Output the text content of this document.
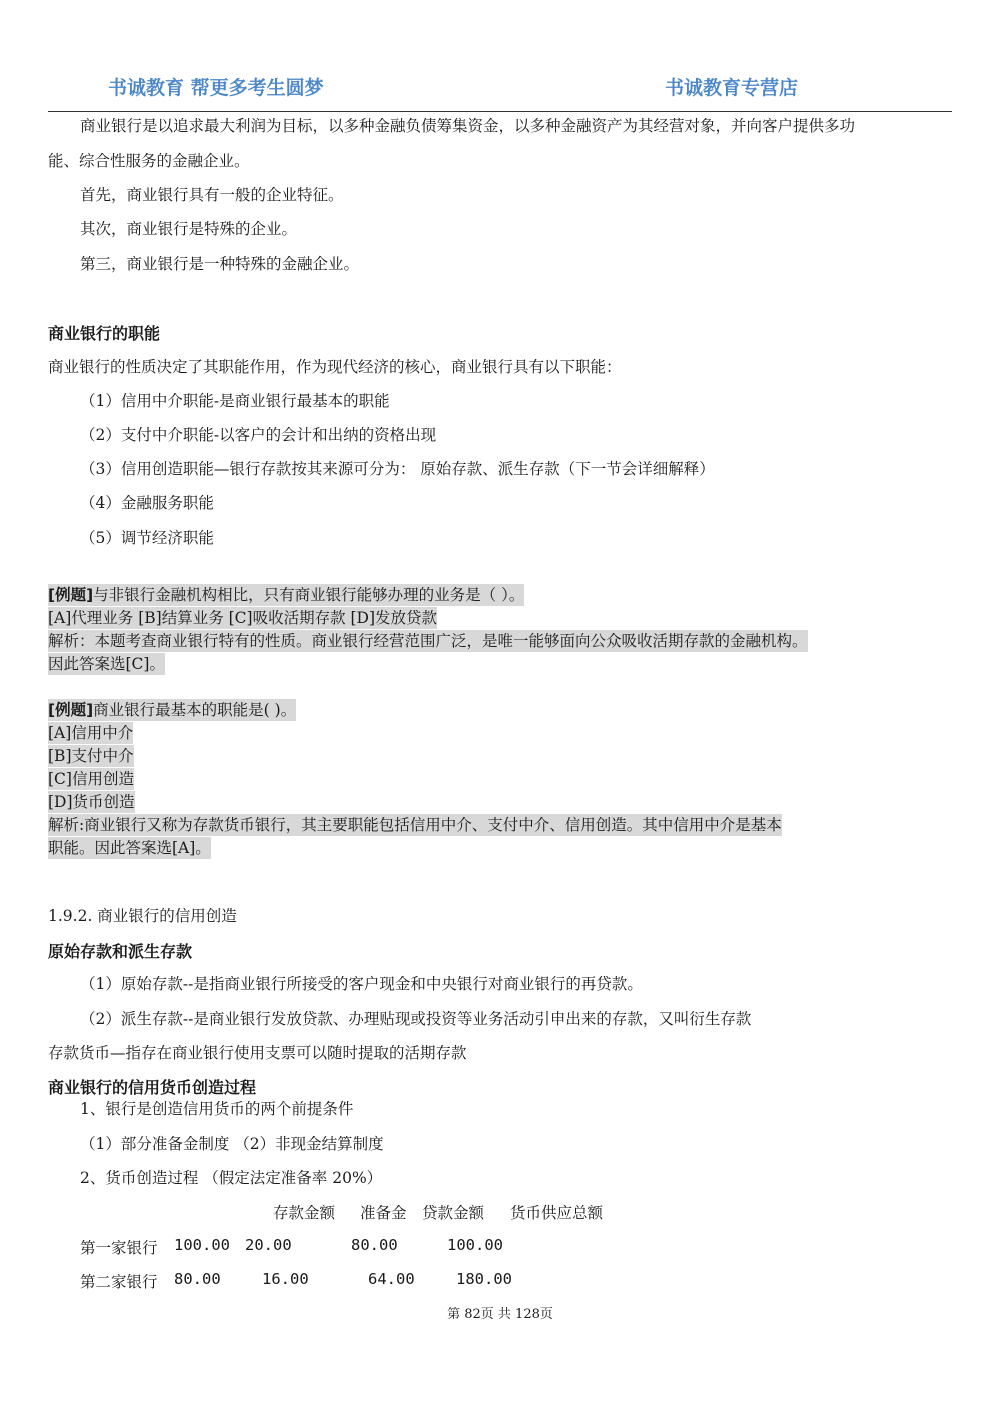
书诚教育 帮更多考生圆梦	书诚教育专营店
商业银行是以追求最大利润为目标，以多种金融负债筹集资金，以多种金融资产为其经营对象，并向客户提供多功
能、综合性服务的金融企业。
首先，商业银行具有一般的企业特征。
其次，商业银行是特殊的企业。
第三，商业银行是一种特殊的金融企业。
商业银行的职能
商业银行的性质决定了其职能作用，作为现代经济的核心，商业银行具有以下职能：
（1）信用中介职能-是商业银行最基本的职能
（2）支付中介职能-以客户的会计和出纳的资格出现
（3）信用创造职能—银行存款按其来源可分为： 原始存款、派生存款（下一节会详细解释）
（4）金融服务职能
（5）调节经济职能
[例题]与非银行金融机构相比，只有商业银行能够办理的业务是（ ）。
[A]代理业务 [B]结算业务 [C]吸收活期存款 [D]发放贷款
解析：本题考查商业银行特有的性质。商业银行经营范围广泛，是唯一能够面向公众吸收活期存款的金融机构。
因此答案选[C]。
[例题]商业银行最基本的职能是( )。
[A]信用中介
[B]支付中介
[C]信用创造
[D]货币创造
解析:商业银行又称为存款货币银行，其主要职能包括信用中介、支付中介、信用创造。其中信用中介是基本
职能。因此答案选[A]。
1.9.2. 商业银行的信用创造
原始存款和派生存款
（1）原始存款--是指商业银行所接受的客户现金和中央银行对商业银行的再贷款。
（2）派生存款--是商业银行发放贷款、办理贴现或投资等业务活动引申出来的存款，又叫衍生存款
存款货币—指存在商业银行使用支票可以随时提取的活期存款
商业银行的信用货币创造过程
1、银行是创造信用货币的两个前提条件
（1）部分准备金制度 （2）非现金结算制度
2、货币创造过程 （假定法定准备率 20%）
存款金额 准备金 贷款金额 货币供应总额
第一家银行 100.00 20.00	80.00	100.00
第二家银行 80.00	16.00	64.00	180.00
第 82页 共 128页
